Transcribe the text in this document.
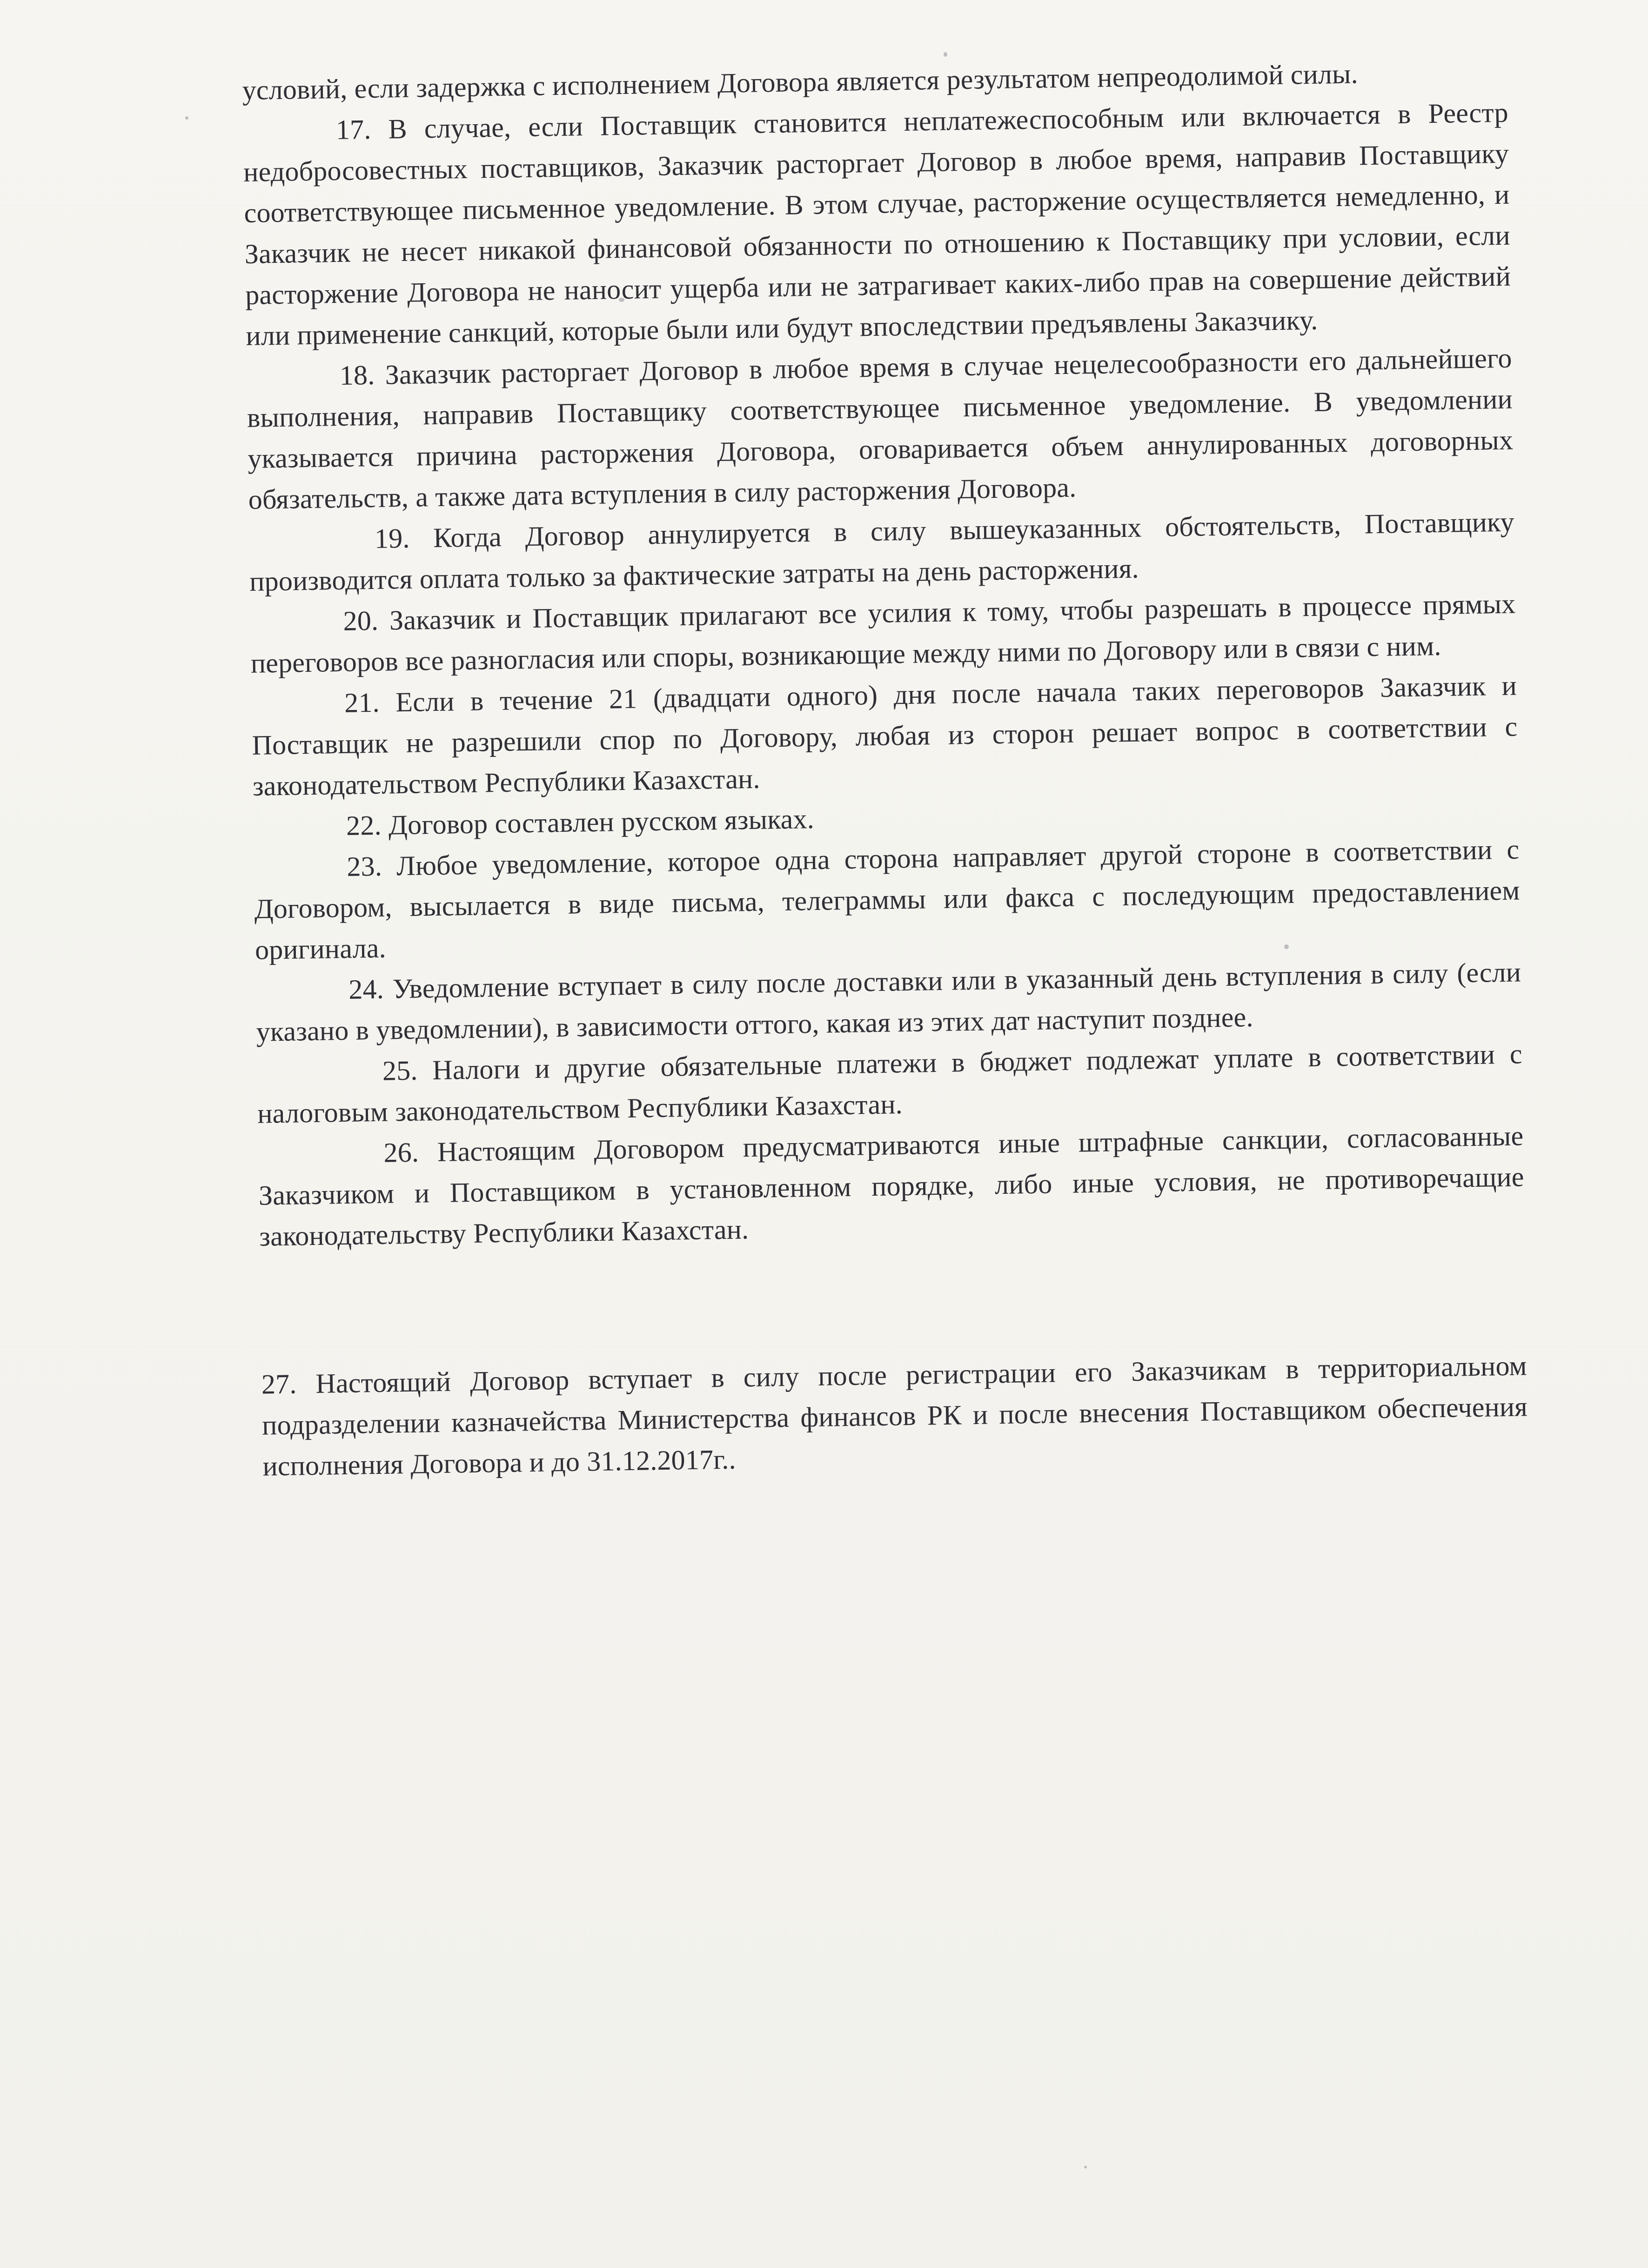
условий, если задержка с исполнением Договора является результатом непреодолимой силы.

17. В случае, если Поставщик становится неплатежеспособным или включается в Реестр недобросовестных поставщиков, Заказчик расторгает Договор в любое время, направив Поставщику соответствующее письменное уведомление. В этом случае, расторжение осуществляется немедленно, и Заказчик не несет никакой финансовой обязанности по отношению к Поставщику при условии, если расторжение Договора не наносит ущерба или не затрагивает каких-либо прав на совершение действий или применение санкций, которые были или будут впоследствии предъявлены Заказчику.

18. Заказчик расторгает Договор в любое время в случае нецелесообразности его дальнейшего выполнения, направив Поставщику соответствующее письменное уведомление. В уведомлении указывается причина расторжения Договора, оговаривается объем аннулированных договорных обязательств, а также дата вступления в силу расторжения Договора.

19. Когда Договор аннулируется в силу вышеуказанных обстоятельств, Поставщику производится оплата только за фактические затраты на день расторжения.

20. Заказчик и Поставщик прилагают все усилия к тому, чтобы разрешать в процессе прямых переговоров все разногласия или споры, возникающие между ними по Договору или в связи с ним.

21. Если в течение 21 (двадцати одного) дня после начала таких переговоров Заказчик и Поставщик не разрешили спор по Договору, любая из сторон решает вопрос в соответствии с законодательством Республики Казахстан.

22. Договор составлен русском языках.

23. Любое уведомление, которое одна сторона направляет другой стороне в соответствии с Договором, высылается в виде письма, телеграммы или факса с последующим предоставлением оригинала.

24. Уведомление вступает в силу после доставки или в указанный день вступления в силу (если указано в уведомлении), в зависимости оттого, какая из этих дат наступит позднее.

25. Налоги и другие обязательные платежи в бюджет подлежат уплате в соответствии с налоговым законодательством Республики Казахстан.

26. Настоящим Договором предусматриваются иные штрафные санкции, согласованные Заказчиком и Поставщиком в установленном порядке, либо иные условия, не противоречащие законодательству Республики Казахстан.

27. Настоящий Договор вступает в силу после регистрации его Заказчикам в территориальном подразделении казначейства Министерства финансов РК и после внесения Поставщиком обеспечения исполнения Договора и до 31.12.2017г..
